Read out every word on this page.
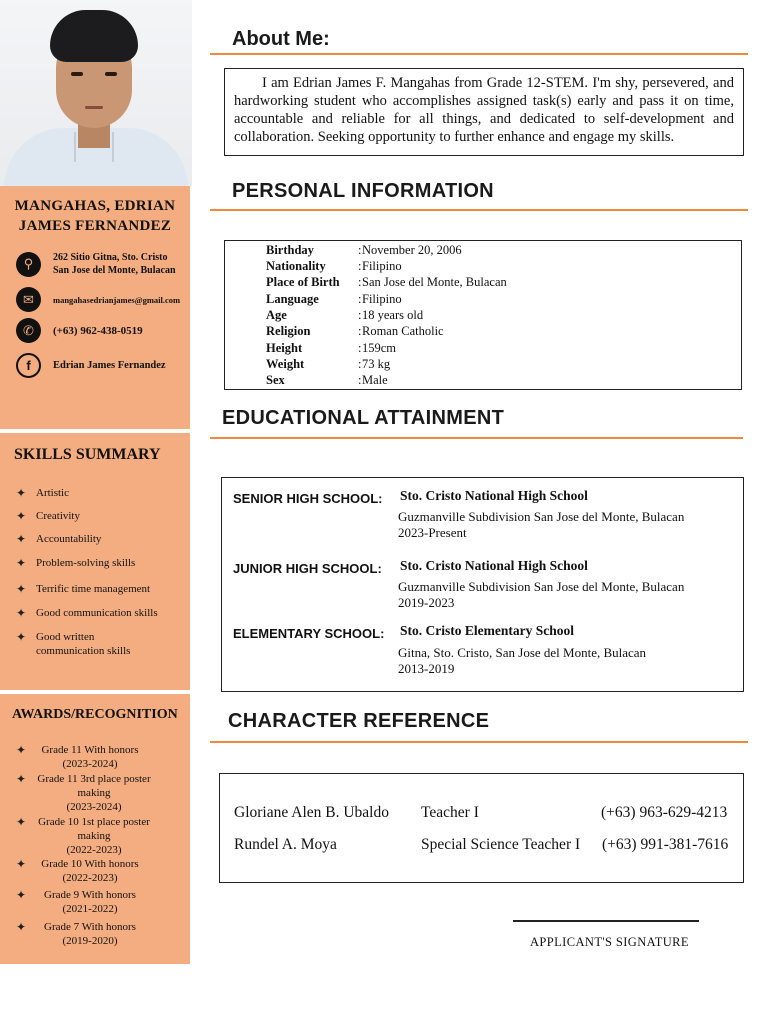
MANGAHAS, EDRIAN
JAMES FERNANDEZ
⚲	262 Sitio Gitna, Sto. Cristo
San Jose del Monte, Bulacan
✉	mangahasedrianjames@gmail.com
✆	(+63) 962-438-0519
f	Edrian James Fernandez
SKILLS SUMMARY
✦ Artistic
✦ Creativity
✦ Accountability
✦ Problem-solving skills
✦ Terrific time management
✦ Good communication skills
✦ Good written communication skills
AWARDS/RECOGNITION
✦	Grade 11 With honors
(2023-2024)
✦	Grade 11 3rd place poster making
(2023-2024)
✦	Grade 10 1st place poster making
(2022-2023)
✦	Grade 10 With honors
(2022-2023)
✦	Grade 9 With honors
(2021-2022)
✦	Grade 7 With honors
(2019-2020)
About Me:
I am Edrian James F. Mangahas from Grade 12-STEM. I'm shy, persevered, and hardworking student who accomplishes assigned task(s) early and pass it on time, accountable and reliable for all things, and dedicated to self-development and collaboration. Seeking opportunity to further enhance and engage my skills.
PERSONAL INFORMATION
Birthday	: November 20, 2006
Nationality	: Filipino
Place of Birth : San Jose del Monte, Bulacan
Language	: Filipino
Age	: 18 years old
Religion	: Roman Catholic
Height	: 159cm
Weight	: 73 kg
Sex	: Male
EDUCATIONAL ATTAINMENT
SENIOR HIGH SCHOOL: Sto. Cristo National High School
Guzmanville Subdivision San Jose del Monte, Bulacan
2023-Present
JUNIOR HIGH SCHOOL: Sto. Cristo National High School
Guzmanville Subdivision San Jose del Monte, Bulacan
2019-2023
ELEMENTARY SCHOOL: Sto. Cristo Elementary School
Gitna, Sto. Cristo, San Jose del Monte, Bulacan
2013-2019
CHARACTER REFERENCE
Gloriane Alen B. Ubaldo Teacher I	(+63) 963-629-4213
Rundel A. Moya	Special Science Teacher I (+63) 991-381-7616
APPLICANT'S SIGNATURE
